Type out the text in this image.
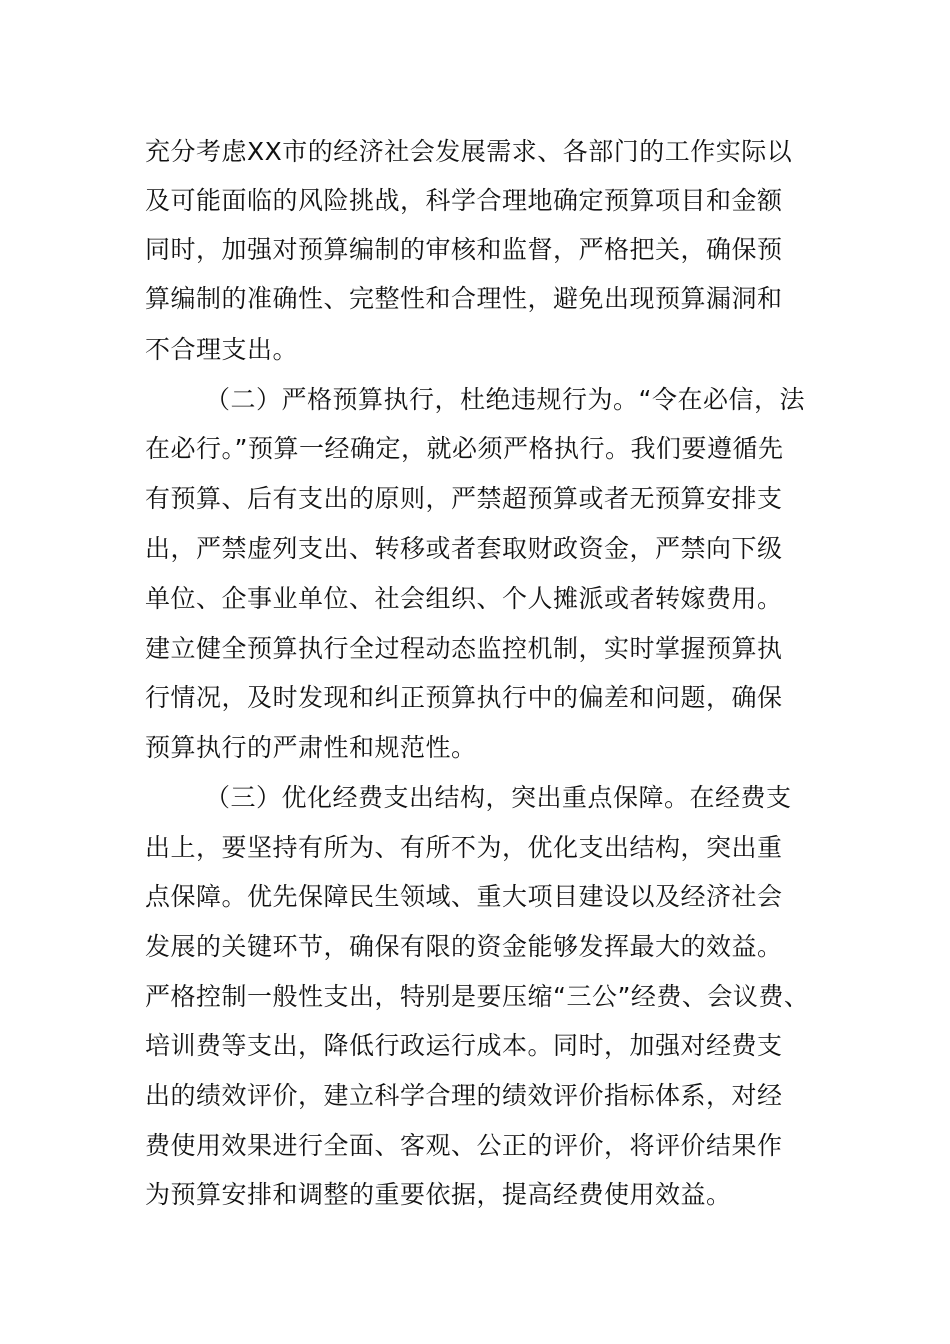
充分考虑XX市的经济社会发展需求、各部门的工作实际以
及可能面临的风险挑战，科学合理地确定预算项目和金额
同时，加强对预算编制的审核和监督，严格把关，确保预
算编制的准确性、完整性和合理性，避免出现预算漏洞和
不合理支出。
（二）严格预算执行，杜绝违规行为。“令在必信，法
在必行。”预算一经确定，就必须严格执行。我们要遵循先
有预算、后有支出的原则，严禁超预算或者无预算安排支
出，严禁虚列支出、转移或者套取财政资金，严禁向下级
单位、企事业单位、社会组织、个人摊派或者转嫁费用。
建立健全预算执行全过程动态监控机制，实时掌握预算执
行情况，及时发现和纠正预算执行中的偏差和问题，确保
预算执行的严肃性和规范性。
（三）优化经费支出结构，突出重点保障。在经费支
出上，要坚持有所为、有所不为，优化支出结构，突出重
点保障。优先保障民生领域、重大项目建设以及经济社会
发展的关键环节，确保有限的资金能够发挥最大的效益。
严格控制一般性支出，特别是要压缩“三公”经费、会议费、
培训费等支出，降低行政运行成本。同时，加强对经费支
出的绩效评价，建立科学合理的绩效评价指标体系，对经
费使用效果进行全面、客观、公正的评价，将评价结果作
为预算安排和调整的重要依据，提高经费使用效益。
